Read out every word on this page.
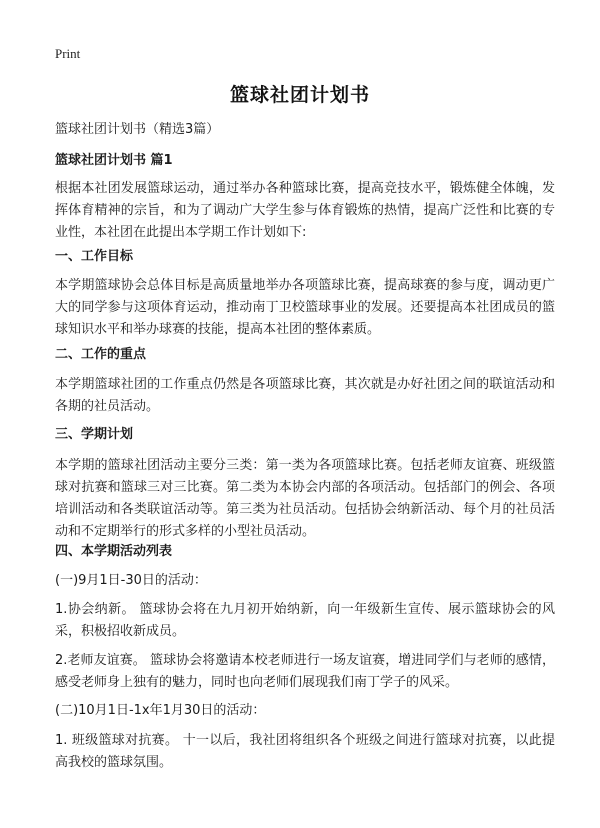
Print
篮球社团计划书
篮球社团计划书（精选3篇）
篮球社团计划书 篇1
根据本社团发展篮球运动，通过举办各种篮球比赛，提高竞技水平，锻炼健全体魄，发挥体育精神的宗旨，和为了调动广大学生参与体育锻炼的热情，提高广泛性和比赛的专业性，本社团在此提出本学期工作计划如下:
一、工作目标
本学期篮球协会总体目标是高质量地举办各项篮球比赛，提高球赛的参与度，调动更广大的同学参与这项体育运动，推动南丁卫校篮球事业的发展。还要提高本社团成员的篮球知识水平和举办球赛的技能，提高本社团的整体素质。
二、工作的重点
本学期篮球社团的工作重点仍然是各项篮球比赛，其次就是办好社团之间的联谊活动和各期的社员活动。
三、学期计划
本学期的篮球社团活动主要分三类：第一类为各项篮球比赛。包括老师友谊赛、班级篮球对抗赛和篮球三对三比赛。第二类为本协会内部的各项活动。包括部门的例会、各项培训活动和各类联谊活动等。第三类为社员活动。包括协会纳新活动、每个月的社员活动和不定期举行的形式多样的小型社员活动。
四、本学期活动列表
(一)9月1日-30日的活动：
1.协会纳新。 篮球协会将在九月初开始纳新，向一年级新生宣传、展示篮球协会的风采，积极招收新成员。
2.老师友谊赛。 篮球协会将邀请本校老师进行一场友谊赛，增进同学们与老师的感情，感受老师身上独有的魅力，同时也向老师们展现我们南丁学子的风采。
(二)10月1日-1x年1月30日的活动：
1. 班级篮球对抗赛。 十一以后，我社团将组织各个班级之间进行篮球对抗赛，以此提高我校的篮球氛围。
